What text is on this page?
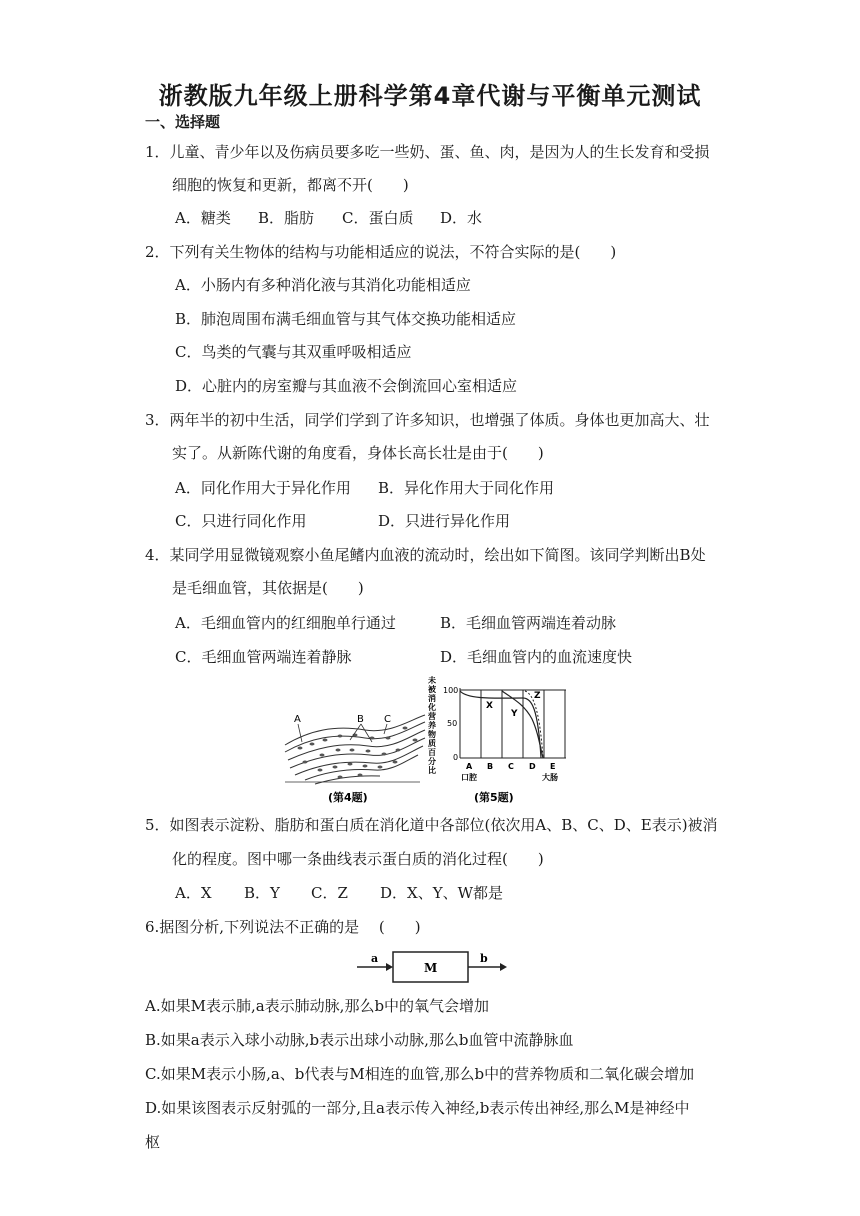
浙教版九年级上册科学第4章代谢与平衡单元测试
一、选择题
1．儿童、青少年以及伤病员要多吃一些奶、蛋、鱼、肉，是因为人的生长发育和受损
细胞的恢复和更新，都离不开(　　)
A．糖类 B．脂肪 C．蛋白质 D．水
2．下列有关生物体的结构与功能相适应的说法，不符合实际的是(　　)
A．小肠内有多种消化液与其消化功能相适应
B．肺泡周围布满毛细血管与其气体交换功能相适应
C．鸟类的气囊与其双重呼吸相适应
D．心脏内的房室瓣与其血液不会倒流回心室相适应
3．两年半的初中生活，同学们学到了许多知识，也增强了体质。身体也更加高大、壮
实了。从新陈代谢的角度看，身体长高长壮是由于(　　)
A．同化作用大于异化作用 B．异化作用大于同化作用
C．只进行同化作用	D．只进行异化作用
4．某同学用显微镜观察小鱼尾鳍内血液的流动时，绘出如下简图。该同学判断出B处
是毛细血管，其依据是(　　)
A．毛细血管内的红细胞单行通过	B．毛细血管两端连着动脉
C．毛细血管两端连着静脉	D．毛细血管内的血流速度快
A	B C
(第4题)
未
被
消
化
营
养
物
质
百
分
比
100
50
0
X
Y
Z
A B C D E
口腔	大肠
(第5题)
5．如图表示淀粉、脂肪和蛋白质在消化道中各部位(依次用A、B、C、D、E表示)被消
化的程度。图中哪一条曲线表示蛋白质的消化过程(　　)
A．X B．Y C．Z D．X、Y、W都是
6.据图分析,下列说法不正确的是　 (　　)
a
M
b
A.如果M表示肺,a表示肺动脉,那么b中的氧气会增加
B.如果a表示入球小动脉,b表示出球小动脉,那么b血管中流静脉血
C.如果M表示小肠,a、b代表与M相连的血管,那么b中的营养物质和二氧化碳会增加
D.如果该图表示反射弧的一部分,且a表示传入神经,b表示传出神经,那么M是神经中
枢
